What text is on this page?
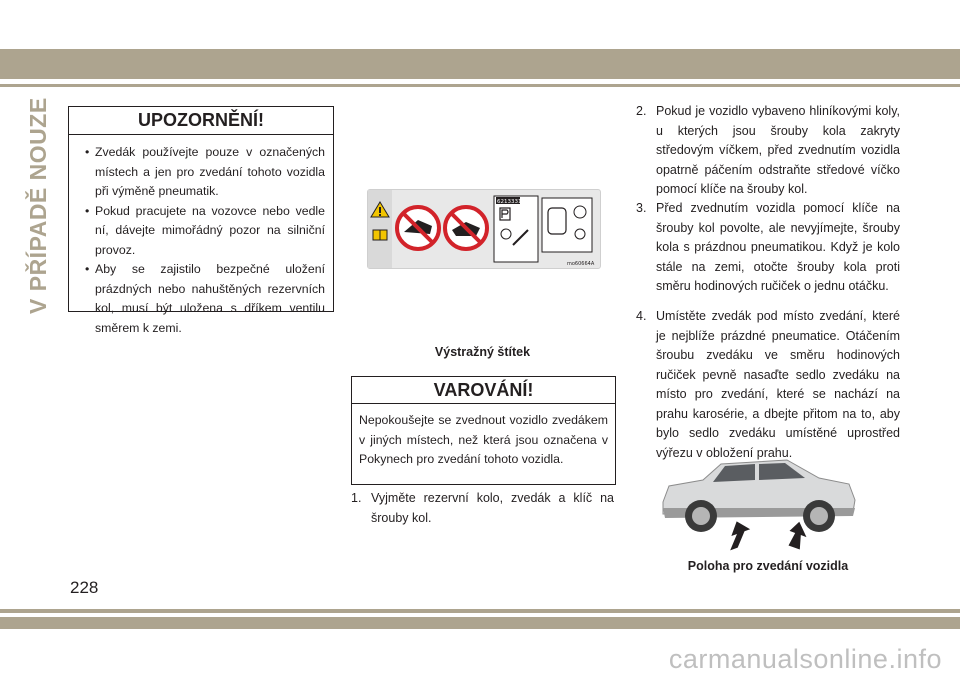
V PŘÍPADĚ NOUZE	UPOZORNĚNÍ!
• Zvedák používejte pouze v označených místech a jen pro zvedání tohoto vozidla při výměně pneumatik.
• Pokud pracujete na vozovce nebo vedle ní, dávejte mimořádný pozor na silniční provoz.
• Aby se zajistilo bezpečné uložení prázdných nebo nahuštěných rezervních kol, musí být uložena s dříkem ventilu směrem k zemi.
6213331
mo60664A
Výstražný štítek
VAROVÁNÍ!

Nepokoušejte se zvednout vozidlo zvedákem v jiných místech, než která jsou označena v Pokynech pro zvedání tohoto vozidla.

1. Vyjměte rezervní kolo, zvedák a klíč na šrouby kol.
2. Pokud je vozidlo vybaveno hliníkovými koly, u kterých jsou šrouby kola zakryty středovým víčkem, před zvednutím vozidla opatrně páčením odstraňte středové víčko pomocí klíče na šrouby kol.
3. Před zvednutím vozidla pomocí klíče na šrouby kol povolte, ale nevyjímejte, šrouby kola s prázdnou pneumatikou. Když je kolo stále na zemi, otočte šrouby kola proti směru hodinových ručiček o jednu otáčku.
4. Umístěte zvedák pod místo zvedání, které je nejblíže prázdné pneumatice. Otáčením šroubu zvedáku ve směru hodinových ručiček pevně nasaďte sedlo zvedáku na místo pro zvedání, které se nachází na prahu karosérie, a dbejte přitom na to, aby bylo sedlo zvedáku umístěné uprostřed výřezu v obložení prahu.
Poloha pro zvedání vozidla
228
carmanualsonline.info
